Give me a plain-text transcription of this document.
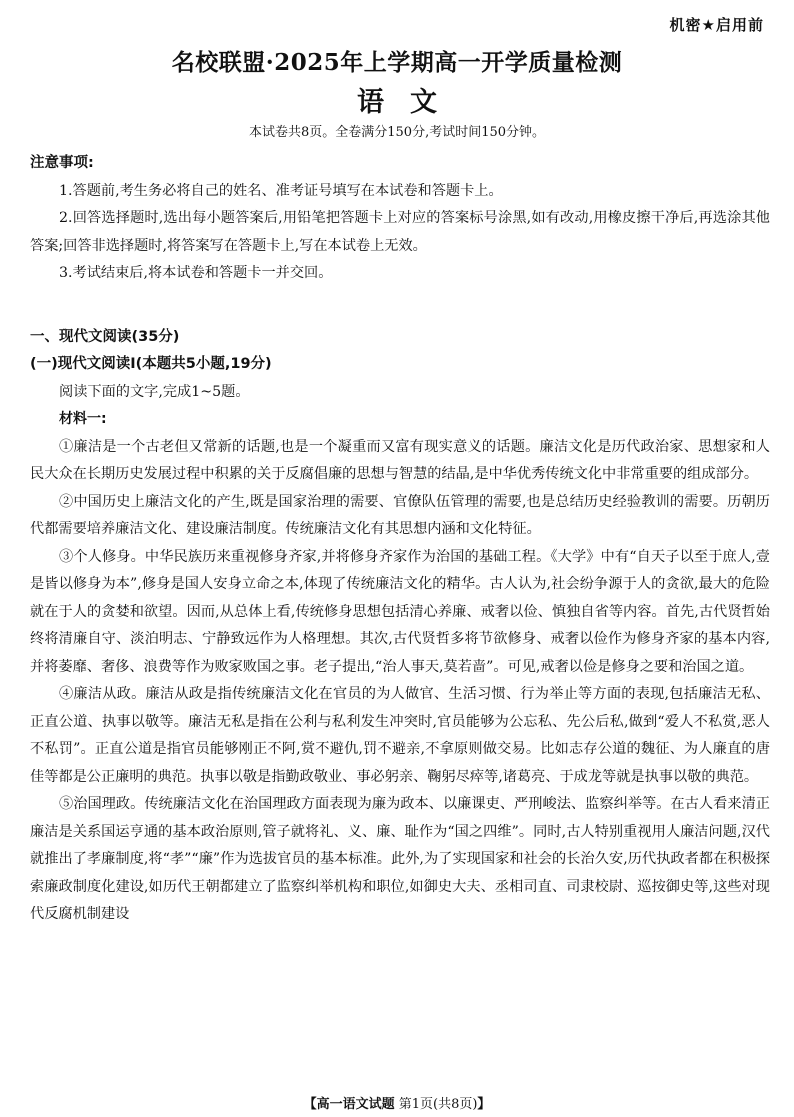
机密★启用前
名校联盟·2025年上学期高一开学质量检测
语文
本试卷共8页。全卷满分150分,考试时间150分钟。
注意事项:

1.答题前,考生务必将自己的姓名、准考证号填写在本试卷和答题卡上。

2.回答选择题时,选出每小题答案后,用铅笔把答题卡上对应的答案标号涂黑,如有改动,用橡皮擦干净后,再选涂其他答案;回答非选择题时,将答案写在答题卡上,写在本试卷上无效。

3.考试结束后,将本试卷和答题卡一并交回。

一、现代文阅读(35分)
(一)现代文阅读Ⅰ(本题共5小题,19分)

阅读下面的文字,完成1~5题。

材料一:

①廉洁是一个古老但又常新的话题,也是一个凝重而又富有现实意义的话题。廉洁文化是历代政治家、思想家和人民大众在长期历史发展过程中积累的关于反腐倡廉的思想与智慧的结晶,是中华优秀传统文化中非常重要的组成部分。

②中国历史上廉洁文化的产生,既是国家治理的需要、官僚队伍管理的需要,也是总结历史经验教训的需要。历朝历代都需要培养廉洁文化、建设廉洁制度。传统廉洁文化有其思想内涵和文化特征。

③个人修身。中华民族历来重视修身齐家,并将修身齐家作为治国的基础工程。《大学》中有“自天子以至于庶人,壹是皆以修身为本”,修身是国人安身立命之本,体现了传统廉洁文化的精华。古人认为,社会纷争源于人的贪欲,最大的危险就在于人的贪婪和欲望。因而,从总体上看,传统修身思想包括清心养廉、戒奢以俭、慎独自省等内容。首先,古代贤哲始终将清廉自守、淡泊明志、宁静致远作为人格理想。其次,古代贤哲多将节欲修身、戒奢以俭作为修身齐家的基本内容,并将萎靡、奢侈、浪费等作为败家败国之事。老子提出,“治人事天,莫若啬”。可见,戒奢以俭是修身之要和治国之道。

④廉洁从政。廉洁从政是指传统廉洁文化在官员的为人做官、生活习惯、行为举止等方面的表现,包括廉洁无私、正直公道、执事以敬等。廉洁无私是指在公利与私利发生冲突时,官员能够为公忘私、先公后私,做到“爱人不私赏,恶人不私罚”。正直公道是指官员能够刚正不阿,赏不避仇,罚不避亲,不拿原则做交易。比如志存公道的魏征、为人廉直的唐佳等都是公正廉明的典范。执事以敬是指勤政敬业、事必躬亲、鞠躬尽瘁等,诸葛亮、于成龙等就是执事以敬的典范。

⑤治国理政。传统廉洁文化在治国理政方面表现为廉为政本、以廉课吏、严刑峻法、监察纠举等。在古人看来清正廉洁是关系国运亨通的基本政治原则,管子就将礼、义、廉、耻作为“国之四维”。同时,古人特别重视用人廉洁问题,汉代就推出了孝廉制度,将“孝”“廉”作为选拔官员的基本标准。此外,为了实现国家和社会的长治久安,历代执政者都在积极探索廉政制度化建设,如历代王朝都建立了监察纠举机构和职位,如御史大夫、丞相司直、司隶校尉、巡按御史等,这些对现代反腐机制建设

【高一语文试题 第1页(共8页)】
